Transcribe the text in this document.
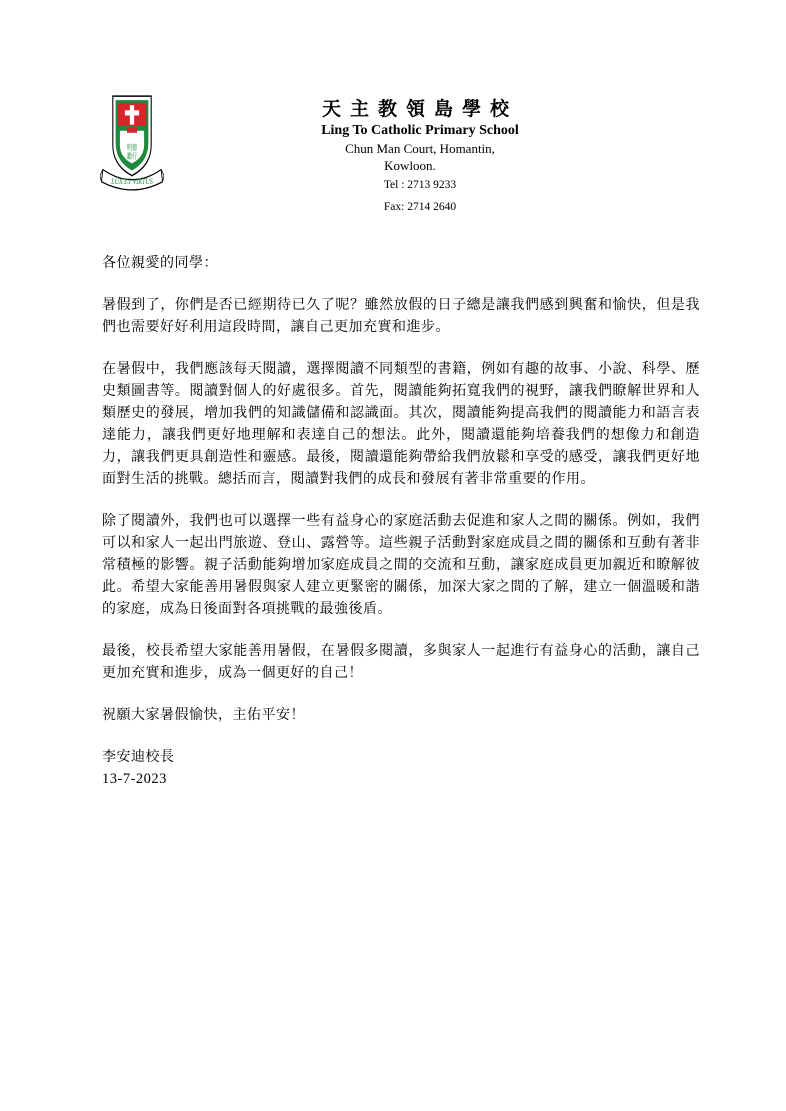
明德
勵行
LUX ET VIRTUS

天主教領島學校

Ling To Catholic Primary School

Chun Man Court, Homantin,

Kowloon.

Tel : 2713 9233

Fax: 2714 2640

各位親愛的同學：

暑假到了，你們是否已經期待已久了呢？雖然放假的日子總是讓我們感到興奮和愉快，但是我們也需要好好利用這段時間，讓自己更加充實和進步。

在暑假中，我們應該每天閱讀，選擇閱讀不同類型的書籍，例如有趣的故事、小說、科學、歷史類圖書等。閱讀對個人的好處很多。首先，閱讀能夠拓寬我們的視野，讓我們瞭解世界和人類歷史的發展，增加我們的知識儲備和認識面。其次，閱讀能夠提高我們的閱讀能力和語言表達能力，讓我們更好地理解和表達自己的想法。此外，閱讀還能夠培養我們的想像力和創造力，讓我們更具創造性和靈感。最後，閱讀還能夠帶給我們放鬆和享受的感受，讓我們更好地面對生活的挑戰。總括而言，閱讀對我們的成長和發展有著非常重要的作用。

除了閱讀外，我們也可以選擇一些有益身心的家庭活動去促進和家人之間的關係。例如，我們可以和家人一起出門旅遊、登山、露營等。這些親子活動對家庭成員之間的關係和互動有著非常積極的影響。親子活動能夠增加家庭成員之間的交流和互動，讓家庭成員更加親近和瞭解彼此。希望大家能善用暑假與家人建立更緊密的關係，加深大家之間的了解，建立一個溫暖和諧的家庭，成為日後面對各項挑戰的最強後盾。

最後，校長希望大家能善用暑假，在暑假多閱讀，多與家人一起進行有益身心的活動，讓自己更加充實和進步，成為一個更好的自己！

祝願大家暑假愉快，主佑平安！

李安迪校長

13-7-2023
